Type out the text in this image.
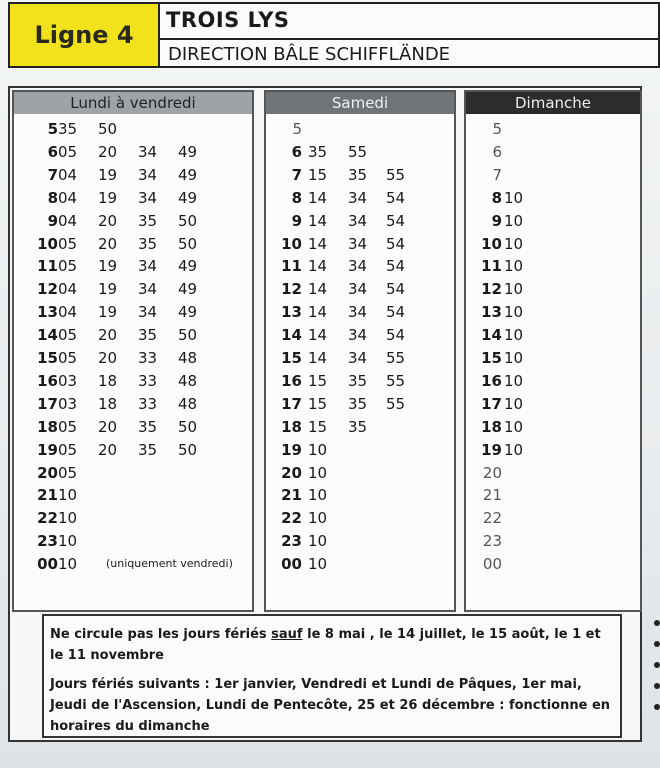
Ligne 4
TROIS LYS
DIRECTION BÂLE SCHIFFLÄNDE
Lundi à vendredi
5 35 50
6 05 20 34 49
7 04 19 34 49
8 04 19 34 49
9 04 20 35 50
10 05 20 35 50
11 05 19 34 49
12 04 19 34 49
13 04 19 34 49
14 05 20 35 50
15 05 20 33 48
16 03 18 33 48
17 03 18 33 48
18 05 20 35 50
19 05 20 35 50
20 05
21 10
22 10
23 10
00 10	(uniquement vendredi)
Samedi
5
6 35 55
7 15 35 55
8 14 34 54
9 14 34 54
10 14 34 54
11 14 34 54
12 14 34 54
13 14 34 54
14 14 34 54
15 14 34 55
16 15 35 55
17 15 35 55
18 15 35
19 10
20 10
21 10
22 10
23 10
00 10
Dimanche
5
6
7
8 10
9 10
10 10
11 10
12 10
13 10
14 10
15 10
16 10
17 10
18 10
19 10
20
21
22
23
00

Ne circule pas les jours fériés sauf le 8 mai , le 14 juillet, le 15 août, le 1 et le 11 novembre

Jours fériés suivants : 1er janvier, Vendredi et Lundi de Pâques, 1er mai, Jeudi de l'Ascension, Lundi de Pentecôte, 25 et 26 décembre : fonctionne en horaires du dimanche
